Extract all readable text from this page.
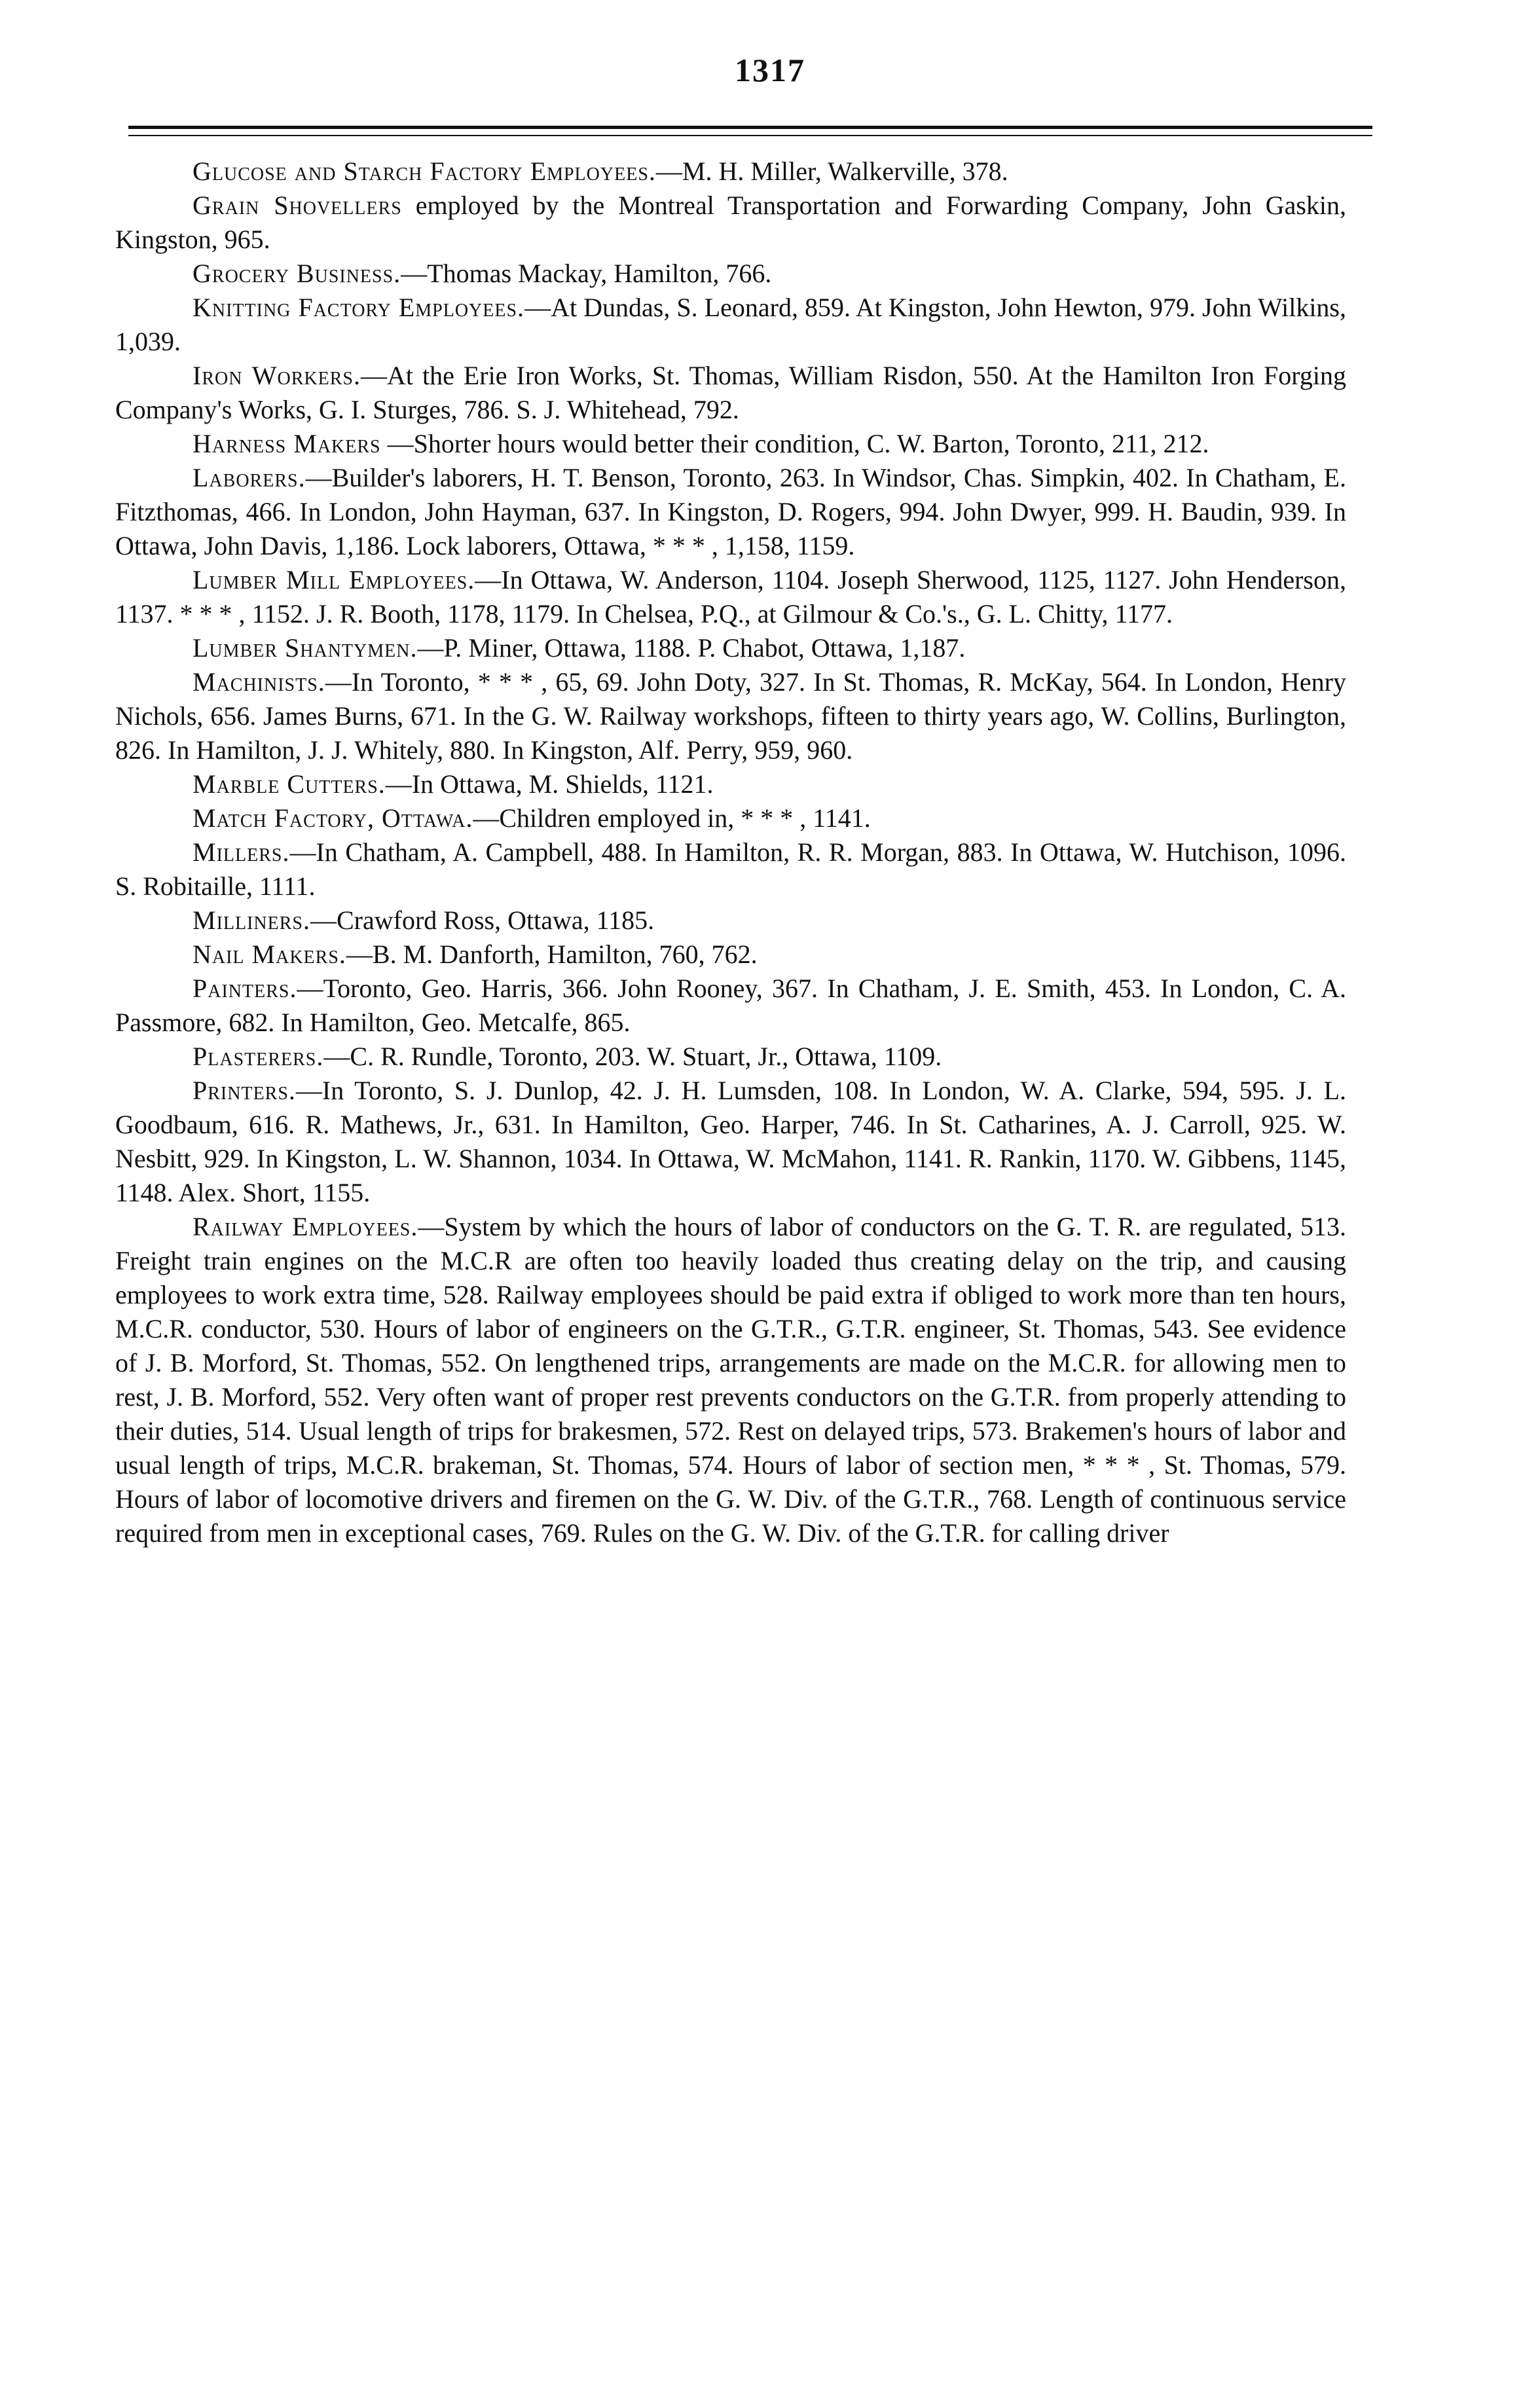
1317

Glucose and Starch Factory Employees.—M. H. Miller, Walkerville, 378.

Grain Shovellers employed by the Montreal Transportation and Forwarding Company, John Gaskin, Kingston, 965.

Grocery Business.—Thomas Mackay, Hamilton, 766.

Knitting Factory Employees.—At Dundas, S. Leonard, 859. At Kingston, John Hewton, 979. John Wilkins, 1,039.

Iron Workers.—At the Erie Iron Works, St. Thomas, William Risdon, 550. At the Hamilton Iron Forging Company's Works, G. I. Sturges, 786. S. J. Whitehead, 792.

Harness Makers —Shorter hours would better their condition, C. W. Barton, Toronto, 211, 212.

Laborers.—Builder's laborers, H. T. Benson, Toronto, 263. In Windsor, Chas. Simpkin, 402. In Chatham, E. Fitzthomas, 466. In London, John Hayman, 637. In Kingston, D. Rogers, 994. John Dwyer, 999. H. Baudin, 939. In Ottawa, John Davis, 1,186. Lock laborers, Ottawa, * * * , 1,158, 1159.

Lumber Mill Employees.—In Ottawa, W. Anderson, 1104. Joseph Sherwood, 1125, 1127. John Henderson, 1137. * * * , 1152. J. R. Booth, 1178, 1179. In Chelsea, P.Q., at Gilmour & Co.'s., G. L. Chitty, 1177.

Lumber Shantymen.—P. Miner, Ottawa, 1188. P. Chabot, Ottawa, 1,187.

Machinists.—In Toronto, * * * , 65, 69. John Doty, 327. In St. Thomas, R. McKay, 564. In London, Henry Nichols, 656. James Burns, 671. In the G. W. Railway workshops, fifteen to thirty years ago, W. Collins, Burlington, 826. In Hamilton, J. J. Whitely, 880. In Kingston, Alf. Perry, 959, 960.

Marble Cutters.—In Ottawa, M. Shields, 1121.

Match Factory, Ottawa.—Children employed in, * * * , 1141.

Millers.—In Chatham, A. Campbell, 488. In Hamilton, R. R. Morgan, 883. In Ottawa, W. Hutchison, 1096. S. Robitaille, 1111.

Milliners.—Crawford Ross, Ottawa, 1185.

Nail Makers.—B. M. Danforth, Hamilton, 760, 762.

Painters.—Toronto, Geo. Harris, 366. John Rooney, 367. In Chatham, J. E. Smith, 453. In London, C. A. Passmore, 682. In Hamilton, Geo. Metcalfe, 865.

Plasterers.—C. R. Rundle, Toronto, 203. W. Stuart, Jr., Ottawa, 1109.

Printers.—In Toronto, S. J. Dunlop, 42. J. H. Lumsden, 108. In London, W. A. Clarke, 594, 595. J. L. Goodbaum, 616. R. Mathews, Jr., 631. In Hamilton, Geo. Harper, 746. In St. Catharines, A. J. Carroll, 925. W. Nesbitt, 929. In Kingston, L. W. Shannon, 1034. In Ottawa, W. McMahon, 1141. R. Rankin, 1170. W. Gibbens, 1145, 1148. Alex. Short, 1155.

Railway Employees.—System by which the hours of labor of conductors on the G. T. R. are regulated, 513. Freight train engines on the M.C.R are often too heavily loaded thus creating delay on the trip, and causing employees to work extra time, 528. Railway employees should be paid extra if obliged to work more than ten hours, M.C.R. conductor, 530. Hours of labor of engineers on the G.T.R., G.T.R. engineer, St. Thomas, 543. See evidence of J. B. Morford, St. Thomas, 552. On lengthened trips, arrangements are made on the M.C.R. for allowing men to rest, J. B. Morford, 552. Very often want of proper rest prevents conductors on the G.T.R. from properly attending to their duties, 514. Usual length of trips for brakesmen, 572. Rest on delayed trips, 573. Brakemen's hours of labor and usual length of trips, M.C.R. brakeman, St. Thomas, 574. Hours of labor of section men, * * * , St. Thomas, 579. Hours of labor of locomotive drivers and firemen on the G. W. Div. of the G.T.R., 768. Length of continuous service required from men in exceptional cases, 769. Rules on the G. W. Div. of the G.T.R. for calling driver
